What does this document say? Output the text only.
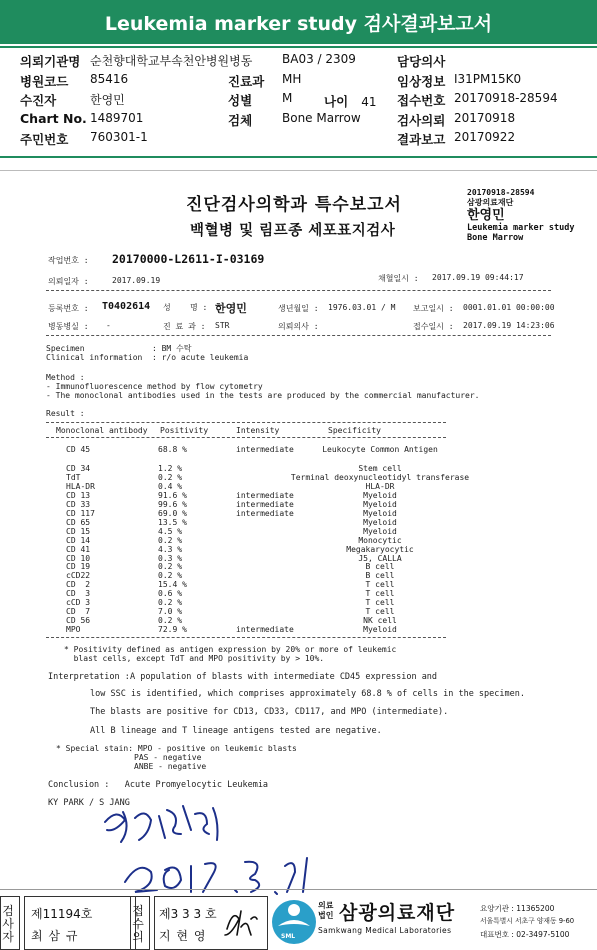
Leukemia marker study 검사결과보고서
의뢰기관명 순천향대학교부속천안병원병동 BA03 / 2309	담당의사
병원코드 85416	진료과 MH	임상정보 I31PM15K0
수진자	한영민	성별 M	접수번호 20170918-28594
Chart No. 1489701	검체 Bone Marrow	검사의뢰 20170918
주민번호 760301-1	결과보고 20170922
나이 41
진단검사의학과 특수보고서
백혈병 및 림프종 세포표지검사
20170918-28594
삼광의료재단
한영민
Leukemia marker study
Bone Marrow
작업번호 : 20170000-L2611-I-03169
의뢰일자 :	2017.09.19	채혈일시 : 2017.09.19 09:44:17
등록번호 : T0402614 성    명 : 한영민	생년월일 : 1976.03.01 / M 보고일시 : 0001.01.01 00:00:00
병동병실 : -	진 료 과 : STR	의뢰의사 :	접수일시 : 2017.09.19 14:23:06
Specimen              : BM 수탁
Clinical information  : r/o acute leukemia
Method :
- Immunofluorescence method by flow cytometry
- The monoclonal antibodies used in the tests are produced by the commercial manufacturer.
Result :
Monoclonal antibody Positivity	Intensity	Specificity
CD 45	68.8 %	intermediate	Leukocyte Common Antigen
CD 34	1.2 %	Stem cell
TdT	0.2 %	Terminal deoxynucleotidyl transferase
HLA-DR	0.4 %	HLA-DR
CD 13	91.6 %	intermediate	Myeloid
CD 33	99.6 %	intermediate	Myeloid
CD 117	69.0 %	intermediate	Myeloid
CD 65	13.5 %	Myeloid
CD 15	4.5 %	Myeloid
CD 14	0.2 %	Monocytic
CD 41	4.3 %	Megakaryocytic
CD 10	0.3 %	J5, CALLA
CD 19	0.2 %	B cell
cCD22	0.2 %	B cell
CD  2	15.4 %	T cell
CD  3	0.6 %	T cell
cCD 3	0.2 %	T cell
CD  7	7.0 %	T cell
CD 56	0.2 %	NK cell
MPO	72.9 %	intermediate	Myeloid
* Positivity defined as antigen expression by 20% or more of leukemic
blast cells, except TdT and MPO positivity by > 10%.
Interpretation : A population of blasts with intermediate CD45 expression and
low SSC is identified, which comprises approximately 68.8 % of cells in the specimen.
The blasts are positive for CD13, CD33, CD117, and MPO (intermediate).
All B lineage and T lineage antigens tested are negative.
* Special stain: MPO - positive on leukemic blasts
PAS - negative
ANBE - negative
Conclusion :   Acute Promyelocytic Leukemia
KY PARK / S JANG
검
사
자
제11194호
최 삼 규
접
수
의
제3 3 3 호
지 현 영	SML
의료
법인 삼광의료재단
Samkwang Medical Laboratories
요양기관 : 11365200
서울특별시 서초구 양재동 9-60
대표번호 : 02-3497-5100
